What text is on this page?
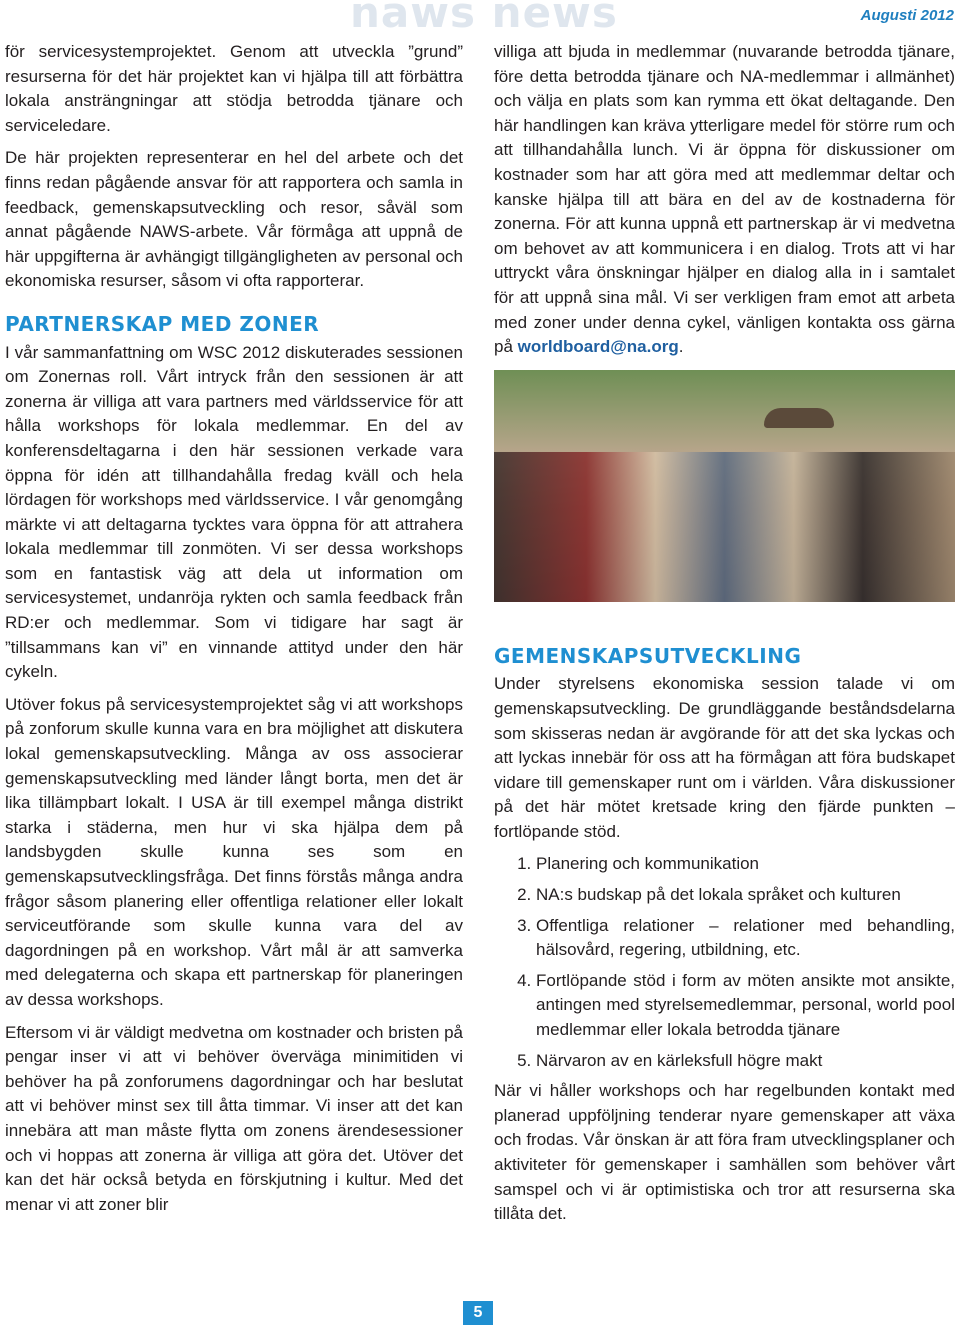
naws news	Augusti 2012

för servicesystemprojektet. Genom att utveckla ”grund” resurserna för det här projektet kan vi hjälpa till att förbättra lokala ansträngningar att stödja betrodda tjänare och serviceledare.

De här projekten representerar en hel del arbete och det finns redan pågående ansvar för att rapportera och samla in feedback, gemenskapsutveckling och resor, såväl som annat pågående NAWS-arbete. Vår förmåga att uppnå de här uppgifterna är avhängigt tillgängligheten av personal och ekonomiska resurser, såsom vi ofta rapporterar.

PARTNERSKAP MED ZONER

I vår sammanfattning om WSC 2012 diskuterades sessionen om Zonernas roll. Vårt intryck från den sessionen är att zonerna är villiga att vara partners med världsservice för att hålla workshops för lokala medlemmar. En del av konferensdeltagarna i den här sessionen verkade vara öppna för idén att tillhandahålla fredag kväll och hela lördagen för workshops med världsservice. I vår genomgång märkte vi att deltagarna tycktes vara öppna för att attrahera lokala medlemmar till zonmöten. Vi ser dessa workshops som en fantastisk väg att dela ut information om servicesystemet, undanröja rykten och samla feedback från RD:er och medlemmar. Som vi tidigare har sagt är ”tillsammans kan vi” en vinnande attityd under den här cykeln.

Utöver fokus på servicesystemprojektet såg vi att workshops på zonforum skulle kunna vara en bra möjlighet att diskutera lokal gemenskapsutveckling. Många av oss associerar gemenskapsutveckling med länder långt borta, men det är lika tillämpbart lokalt. I USA är till exempel många distrikt starka i städerna, men hur vi ska hjälpa dem på landsbygden skulle kunna ses som en gemenskapsutvecklingsfråga. Det finns förstås många andra frågor såsom planering eller offentliga relationer eller lokalt serviceutförande som skulle kunna vara del av dagordningen på en workshop. Vårt mål är att samverka med delegaterna och skapa ett partnerskap för planeringen av dessa workshops.

Eftersom vi är väldigt medvetna om kostnader och bristen på pengar inser vi att vi behöver överväga minimitiden vi behöver ha på zonforumens dagordningar och har beslutat att vi behöver minst sex till åtta timmar. Vi inser att det kan innebära att man måste flytta om zonens ärendesessioner och vi hoppas att zonerna är villiga att göra det. Utöver det kan det här också betyda en förskjutning i kultur. Med det menar vi att zoner blir

villiga att bjuda in medlemmar (nuvarande betrodda tjänare, före detta betrodda tjänare och NA-medlemmar i allmänhet) och välja en plats som kan rymma ett ökat deltagande. Den här handlingen kan kräva ytterligare medel för större rum och att tillhandahålla lunch. Vi är öppna för diskussioner om kostnader som har att göra med att medlemmar deltar och kanske hjälpa till att bära en del av de kostnaderna för zonerna. För att kunna uppnå ett partnerskap är vi medvetna om behovet av att kommunicera i en dialog. Trots att vi har uttryckt våra önskningar hjälper en dialog alla in i samtalet för att uppnå sina mål. Vi ser verkligen fram emot att arbeta med zoner under denna cykel, vänligen kontakta oss gärna på worldboard@na.org.

GEMENSKAPSUTVECKLING

Under styrelsens ekonomiska session talade vi om gemenskapsutveckling. De grundläggande beståndsdelarna som skisseras nedan är avgörande för att det ska lyckas och att lyckas innebär för oss att ha förmågan att föra budskapet vidare till gemenskaper runt om i världen. Våra diskussioner på det här mötet kretsade kring den fjärde punkten – fortlöpande stöd.

1. Planering och kommunikation
2. NA:s budskap på det lokala språket och kulturen
3. Offentliga relationer – relationer med behandling, hälsovård, regering, utbildning, etc.
4. Fortlöpande stöd i form av möten ansikte mot ansikte, antingen med styrelsemedlemmar, personal, world pool medlemmar eller lokala betrodda tjänare
5. Närvaron av en kärleksfull högre makt

När vi håller workshops och har regelbunden kontakt med planerad uppföljning tenderar nyare gemenskaper att växa och frodas. Vår önskan är att föra fram utvecklingsplaner och aktiviteter för gemenskaper i samhällen som behöver vårt samspel och vi är optimistiska och tror att resurserna ska tillåta det.

5
